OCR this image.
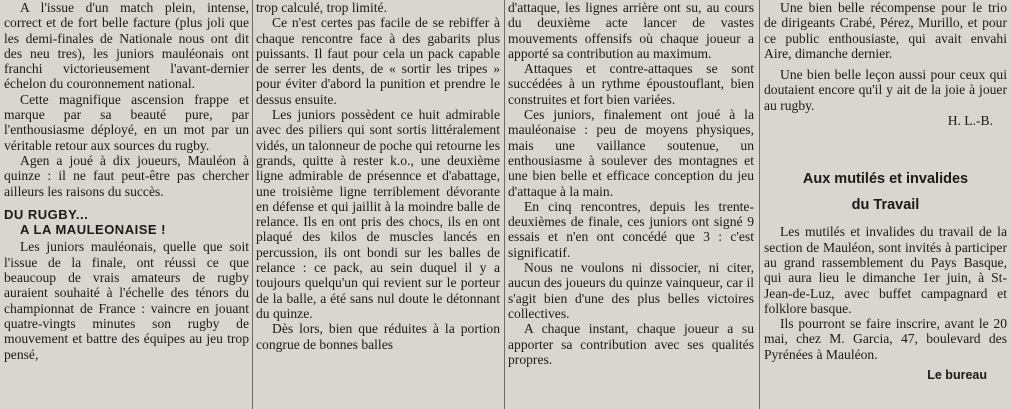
A l'issue d'un match plein, intense, correct et de fort belle facture (plus joli que les demi-finales de Nationale nous ont dit des neu tres), les juniors mauléonais ont franchi victorieusement l'avant-dernier échelon du couronnement national.

Cette magnifique ascension frappe et marque par sa beauté pure, par l'enthousiasme déployé, en un mot par un véritable retour aux sources du rugby.

Agen a joué à dix joueurs, Mauléon à quinze : il ne faut peut-être pas chercher ailleurs les raisons du succès.

DU RUGBY...

A LA MAULEONAISE !

Les juniors mauléonais, quelle que soit l'issue de la finale, ont réussi ce que beaucoup de vrais amateurs de rugby auraient souhaité à l'échelle des ténors du championnat de France : vaincre en jouant quatre-vingts minutes son rugby de mouvement et battre des équipes au jeu trop pensé,

trop calculé, trop limité.

Ce n'est certes pas facile de se rebiffer à chaque rencontre face à des gabarits plus puissants. Il faut pour cela un pack capable de serrer les dents, de « sortir les tripes » pour éviter d'abord la punition et prendre le dessus ensuite.

Les juniors possèdent ce huit admirable avec des piliers qui sont sortis littéralement vidés, un talonneur de poche qui retourne les grands, quitte à rester k.o., une deuxième ligne admirable de présennce et d'abattage, une troisième ligne terriblement dévorante en défense et qui jaillit à la moindre balle de relance. Ils en ont pris des chocs, ils en ont plaqué des kilos de muscles lancés en percussion, ils ont bondi sur les balles de relance : ce pack, au sein duquel il y a toujours quelqu'un qui revient sur le porteur de la balle, a été sans nul doute le détonnant du quinze.

Dès lors, bien que réduites à la portion congrue de bonnes balles

d'attaque, les lignes arrière ont su, au cours du deuxième acte lancer de vastes mouvements offensifs où chaque joueur a apporté sa contribution au maximum.

Attaques et contre-attaques se sont succédées à un rythme époustouflant, bien construites et fort bien variées.

Ces juniors, finalement ont joué à la mauléonaise : peu de moyens physiques, mais une vaillance soutenue, un enthousiasme à soulever des montagnes et une bien belle et efficace conception du jeu d'attaque à la main.

En cinq rencontres, depuis les trente-deuxièmes de finale, ces juniors ont signé 9 essais et n'en ont concédé que 3 : c'est significatif.

Nous ne voulons ni dissocier, ni citer, aucun des joueurs du quinze vainqueur, car il s'agit bien d'une des plus belles victoires collectives.

A chaque instant, chaque joueur a su apporter sa contribution avec ses qualités propres.

Une bien belle récompense pour le trio de dirigeants Crabé, Pérez, Murillo, et pour ce public enthousiaste, qui avait envahi Aire, dimanche dernier.

Une bien belle leçon aussi pour ceux qui doutaient encore qu'il y ait de la joie à jouer au rugby.

H. L.-B.

Aux mutilés et invalides

du Travail

Les mutilés et invalides du travail de la section de Mauléon, sont invités à participer au grand rassemblement du Pays Basque, qui aura lieu le dimanche 1er juin, à St-Jean-de-Luz, avec buffet campagnard et folklore basque.

Ils pourront se faire inscrire, avant le 20 mai, chez M. Garcia, 47, boulevard des Pyrénées à Mauléon.

Le bureau
